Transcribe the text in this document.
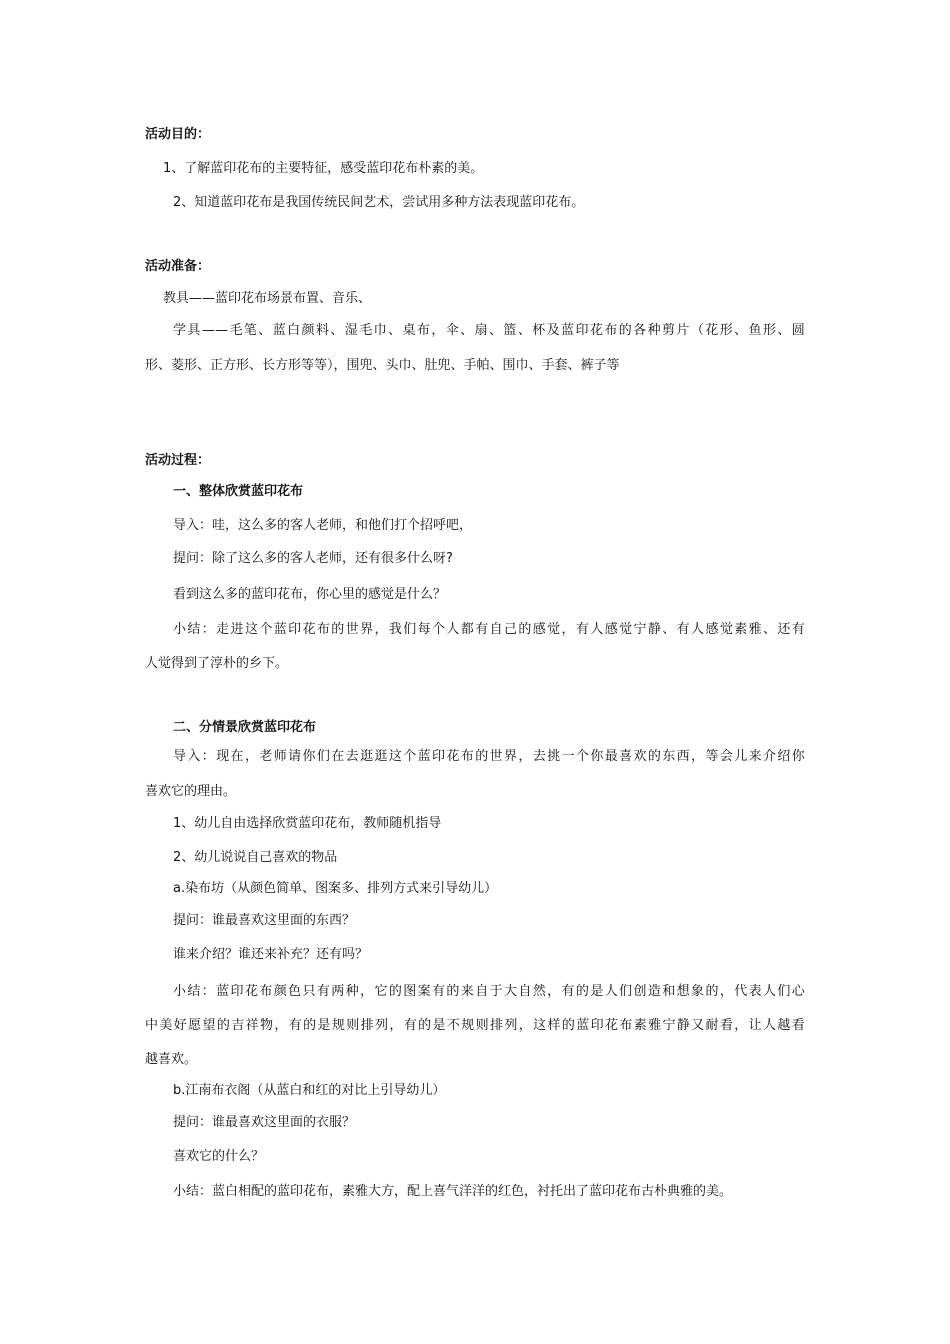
活动目的：
1、了解蓝印花布的主要特征，感受蓝印花布朴素的美。
2、知道蓝印花布是我国传统民间艺术，尝试用多种方法表现蓝印花布。
活动准备：
教具——蓝印花布场景布置、音乐、
学具——毛笔、蓝白颜料、湿毛巾、桌布，伞、扇、篮、杯及蓝印花布的各种剪片（花形、鱼形、圆
形、菱形、正方形、长方形等等），围兜、头巾、肚兜、手帕、围巾、手套、裤子等
活动过程：
一、整体欣赏蓝印花布
导入：哇，这么多的客人老师，和他们打个招呼吧，
提问：除了这么多的客人老师，还有很多什么呀?
看到这么多的蓝印花布，你心里的感觉是什么？
小结：走进这个蓝印花布的世界，我们每个人都有自己的感觉，有人感觉宁静、有人感觉素雅、还有
人觉得到了淳朴的乡下。
二、分情景欣赏蓝印花布
导入：现在，老师请你们在去逛逛这个蓝印花布的世界，去挑一个你最喜欢的东西，等会儿来介绍你
喜欢它的理由。
1、幼儿自由选择欣赏蓝印花布，教师随机指导
2、幼儿说说自己喜欢的物品
a.染布坊（从颜色简单、图案多、排列方式来引导幼儿）
提问：谁最喜欢这里面的东西？
谁来介绍？谁还来补充？还有吗？
小结：蓝印花布颜色只有两种，它的图案有的来自于大自然，有的是人们创造和想象的，代表人们心
中美好愿望的吉祥物，有的是规则排列，有的是不规则排列，这样的蓝印花布素雅宁静又耐看，让人越看
越喜欢。
b.江南布衣阁（从蓝白和红的对比上引导幼儿）
提问：谁最喜欢这里面的衣服？
喜欢它的什么？
小结：蓝白相配的蓝印花布，素雅大方，配上喜气洋洋的红色，衬托出了蓝印花布古朴典雅的美。
